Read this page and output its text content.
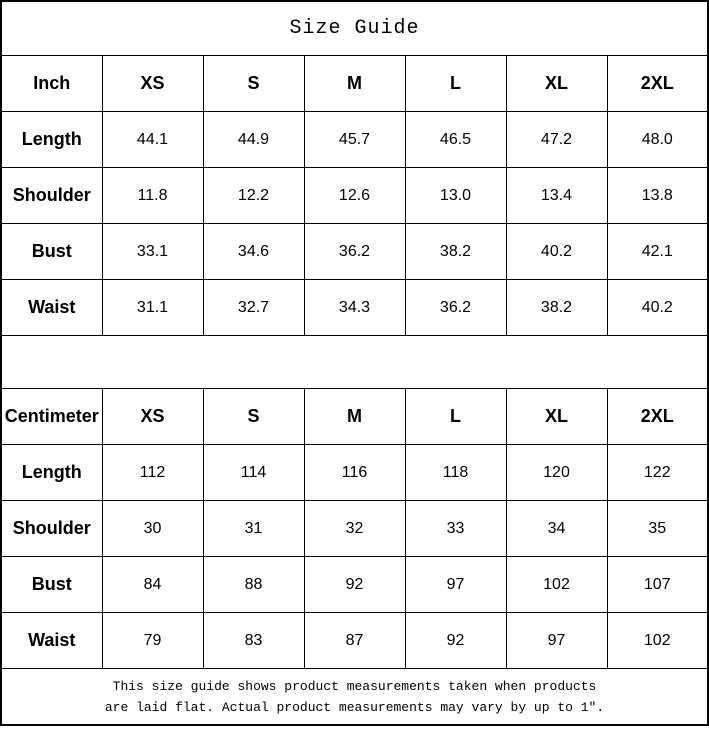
Size Guide						
Inch	XS	S	M	L	XL	2XL
Length	44.1	44.9	45.7	46.5	47.2	48.0
Shoulder	11.8	12.2	12.6	13.0	13.4	13.8
Bust	33.1	34.6	36.2	38.2	40.2	42.1
Waist	31.1	32.7	34.3	36.2	38.2	40.2

Centimeter	XS	S	M	L	XL	2XL
Length	112	114	116	118	120	122
Shoulder	30	31	32	33	34	35
Bust	84	88	92	97	102	107
Waist	79	83	87	92	97	102

This size guide shows product measurements taken when products
are laid flat. Actual product measurements may vary by up to 1″.						
